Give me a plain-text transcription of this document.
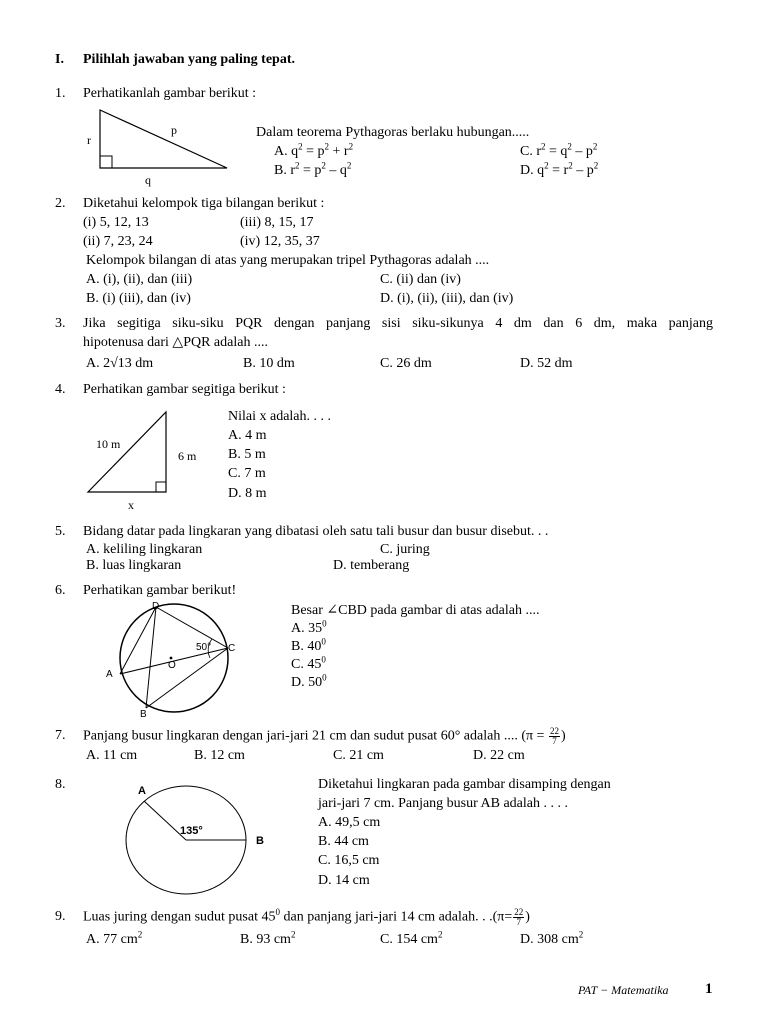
I. Pilihlah jawaban yang paling tepat.
1. Perhatikanlah gambar berikut :
r
p
q
Dalam teorema Pythagoras berlaku hubungan.....
A. $q^2 = p^2 + r^2$	C. $r^2 = q^2 - p^2$
B. $r^2 = p^2 - q^2$	D. $q^2 = r^2 - p^2$
2. Diketahui kelompok tiga bilangan berikut :
(i) 5, 12, 13	(iii) 8, 15, 17
(ii) 7, 23, 24	(iv) 12, 35, 37
Kelompok bilangan di atas yang merupakan tripel Pythagoras adalah ....
A. (i), (ii), dan (iii)	C. (ii) dan (iv)
B. (i) (iii), dan (iv)	D. (i), (ii), (iii), dan (iv)
3. Jika segitiga siku-siku PQR dengan panjang sisi siku-sikunya 4 dm dan 6 dm, maka panjang
hipotenusa dari △PQR adalah ....
A. 2√13 dm	B. 10 dm	C. 26 dm	D. 52 dm
4. Perhatikan gambar segitiga berikut :
10 m
6 m
x
Nilai x adalah. . . .
A. 4 m
B. 5 m
C. 7 m
D. 8 m
5. Bidang datar pada lingkaran yang dibatasi oleh satu tali busur dan busur disebut. . .
A. keliling lingkaran	C. juring
B. luas lingkaran	D. temberang
6. Perhatikan gambar berikut!
D
C
A
B
O
50°
Besar ∠CBD pada gambar di atas adalah ....
A. $35^0$
B. $40^0$
C. $45^0$
D. $50^0$
7. Panjang busur lingkaran dengan jari-jari 21 cm dan sudut pusat 60° adalah .... ($\pi = \frac{22}{7}$ )
A. 11 cm	B. 12 cm	C. 21 cm	D. 22 cm
8.	A
B
135°
Diketahui lingkaran pada gambar disamping dengan
jari-jari 7 cm. Panjang busur AB adalah . . . .
A. 49,5 cm
B. 44 cm
C. 16,5 cm
D. 14 cm
9. Luas juring dengan sudut pusat $45^0$ dan panjang jari-jari 14 cm adalah. . $.(\pi= \frac{22}{7}$ )
A. 77 $cm^2$	B. 93 $cm^2$	C. 154 $cm^2$	D. 308 $cm^2$
PAT − Matematika 1
